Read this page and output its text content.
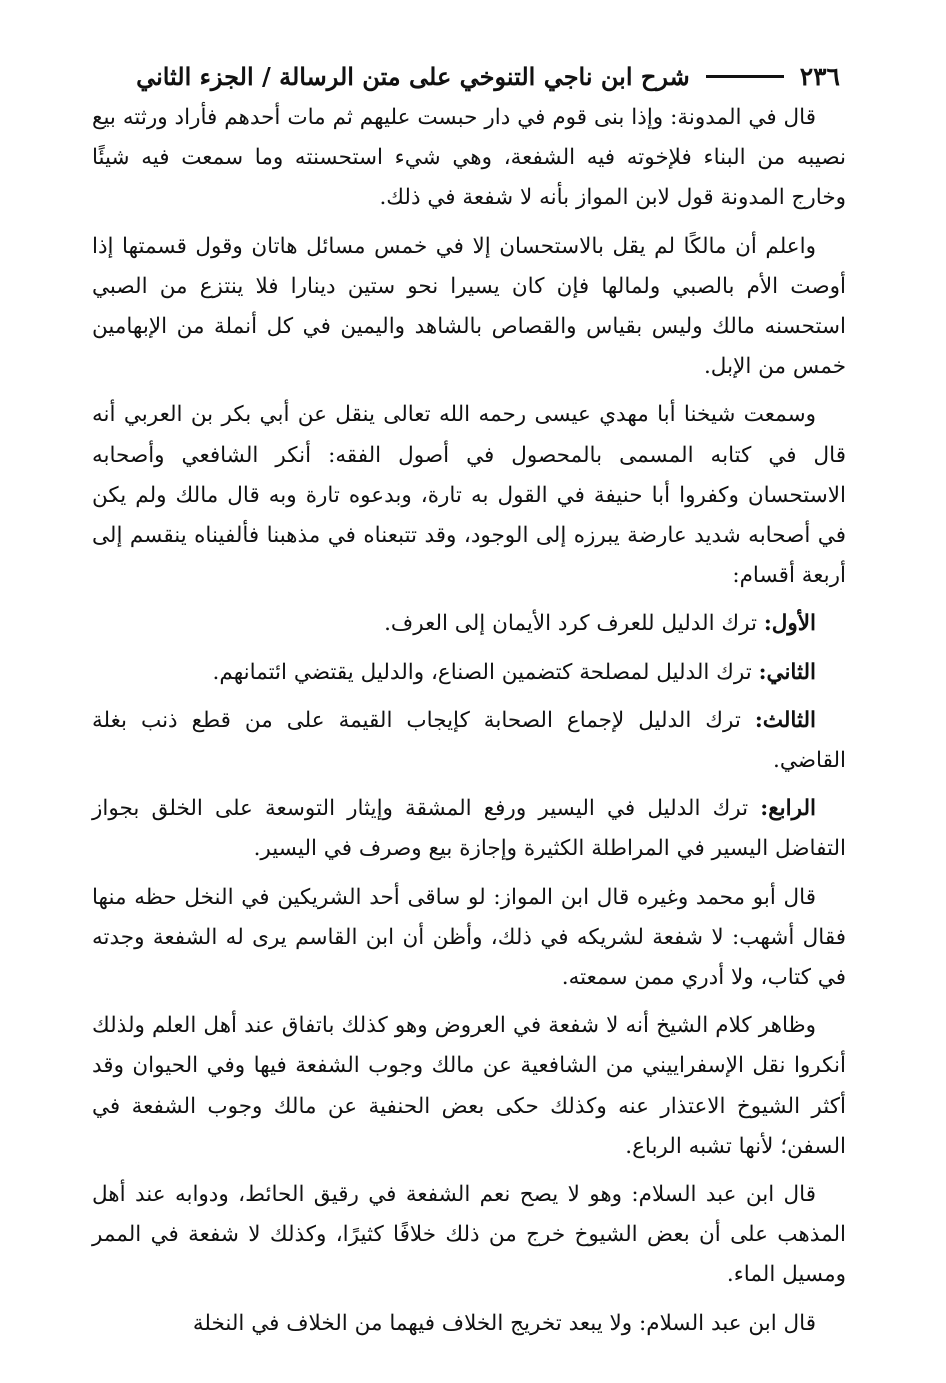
٢٣٦
شرح ابن ناجي التنوخي على متن الرسالة / الجزء الثاني

قال في المدونة: وإذا بنى قوم في دار حبست عليهم ثم مات أحدهم فأراد ورثته بيع نصيبه من البناء فلإخوته فيه الشفعة، وهي شيء استحسنته وما سمعت فيه شيئًا وخارج المدونة قول لابن المواز بأنه لا شفعة في ذلك.

واعلم أن مالكًا لم يقل بالاستحسان إلا في خمس مسائل هاتان وقول قسمتها إذا أوصت الأم بالصبي ولمالها فإن كان يسيرا نحو ستين دينارا فلا ينتزع من الصبي استحسنه مالك وليس بقياس والقصاص بالشاهد واليمين في كل أنملة من الإبهامين خمس من الإبل.

وسمعت شيخنا أبا مهدي عيسى رحمه الله تعالى ينقل عن أبي بكر بن العربي أنه قال في كتابه المسمى بالمحصول في أصول الفقه: أنكر الشافعي وأصحابه الاستحسان وكفروا أبا حنيفة في القول به تارة، وبدعوه تارة وبه قال مالك ولم يكن في أصحابه شديد عارضة يبرزه إلى الوجود، وقد تتبعناه في مذهبنا فألفيناه ينقسم إلى أربعة أقسام:

الأول: ترك الدليل للعرف كرد الأيمان إلى العرف.

الثاني: ترك الدليل لمصلحة كتضمين الصناع، والدليل يقتضي ائتمانهم.

الثالث: ترك الدليل لإجماع الصحابة كإيجاب القيمة على من قطع ذنب بغلة القاضي.

الرابع: ترك الدليل في اليسير ورفع المشقة وإيثار التوسعة على الخلق بجواز التفاضل اليسير في المراطلة الكثيرة وإجازة بيع وصرف في اليسير.

قال أبو محمد وغيره قال ابن المواز: لو ساقى أحد الشريكين في النخل حظه منها فقال أشهب: لا شفعة لشريكه في ذلك، وأظن أن ابن القاسم يرى له الشفعة وجدته في كتاب، ولا أدري ممن سمعته.

وظاهر كلام الشيخ أنه لا شفعة في العروض وهو كذلك باتفاق عند أهل العلم ولذلك أنكروا نقل الإسفراييني من الشافعية عن مالك وجوب الشفعة فيها وفي الحيوان وقد أكثر الشيوخ الاعتذار عنه وكذلك حكى بعض الحنفية عن مالك وجوب الشفعة في السفن؛ لأنها تشبه الرباع.

قال ابن عبد السلام: وهو لا يصح نعم الشفعة في رقيق الحائط، ودوابه عند أهل المذهب على أن بعض الشيوخ خرج من ذلك خلافًا كثيرًا، وكذلك لا شفعة في الممر ومسيل الماء.

قال ابن عبد السلام: ولا يبعد تخريج الخلاف فيهما من الخلاف في النخلة
